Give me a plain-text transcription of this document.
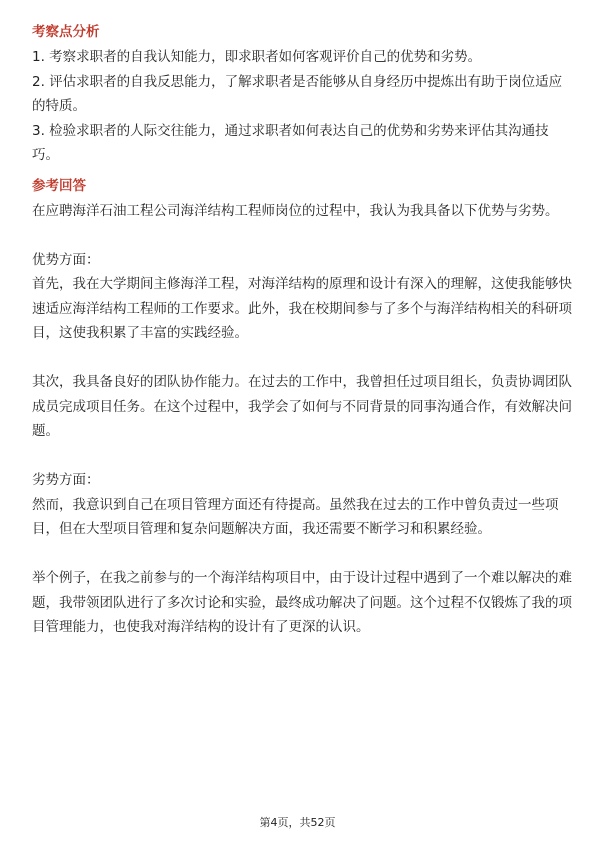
考察点分析

1. 考察求职者的自我认知能力，即求职者如何客观评价自己的优势和劣势。

2. 评估求职者的自我反思能力，了解求职者是否能够从自身经历中提炼出有助于岗位适应的特质。

3. 检验求职者的人际交往能力，通过求职者如何表达自己的优势和劣势来评估其沟通技巧。

参考回答

在应聘海洋石油工程公司海洋结构工程师岗位的过程中，我认为我具备以下优势与劣势。

优势方面：

首先，我在大学期间主修海洋工程，对海洋结构的原理和设计有深入的理解，这使我能够快速适应海洋结构工程师的工作要求。此外，我在校期间参与了多个与海洋结构相关的科研项目，这使我积累了丰富的实践经验。

其次，我具备良好的团队协作能力。在过去的工作中，我曾担任过项目组长，负责协调团队成员完成项目任务。在这个过程中，我学会了如何与不同背景的同事沟通合作，有效解决问题。

劣势方面：

然而，我意识到自己在项目管理方面还有待提高。虽然我在过去的工作中曾负责过一些项目，但在大型项目管理和复杂问题解决方面，我还需要不断学习和积累经验。

举个例子，在我之前参与的一个海洋结构项目中，由于设计过程中遇到了一个难以解决的难题，我带领团队进行了多次讨论和实验，最终成功解决了问题。这个过程不仅锻炼了我的项目管理能力，也使我对海洋结构的设计有了更深的认识。

第4页，共52页
